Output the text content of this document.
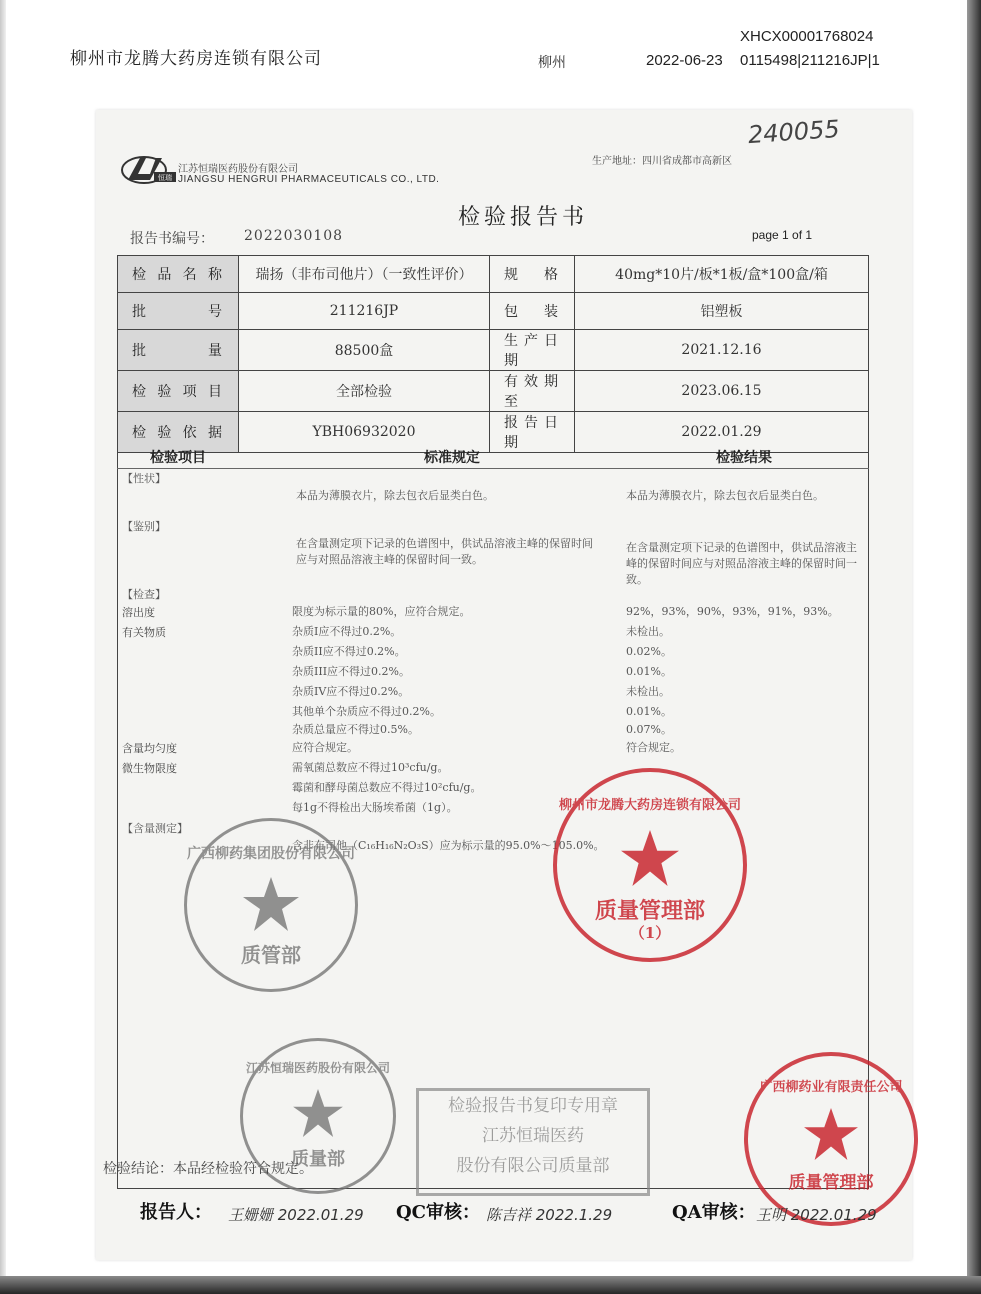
柳州市龙腾大药房连锁有限公司
XHCX00001768024
柳州	2022-06-23 0115498|211216JP|1
240055
恒瑞
江苏恒瑞医药股份有限公司
JIANGSU HENGRUI PHARMACEUTICALS CO., LTD.
生产地址：四川省成都市高新区
检验报告书
报告书编号： 2022030108	page 1 of 1
检品名称	瑞扬（非布司他片）（一致性评价）	规格	40mg*10片/板*1板/盒*100盒/箱
批号	211216JP	包装	铝塑板
批量	88500盒	生产日期	2021.12.16
检验项目	全部检验	有效期至	2023.06.15
检验依据	YBH06932020	报告日期	2022.01.29
检验项目	标准规定	检验结果
【性状】
本品为薄膜衣片，除去包衣后显类白色。	本品为薄膜衣片，除去包衣后显类白色。
【鉴别】
在含量测定项下记录的色谱图中，供试品溶液主峰的保留时间应与对照品溶液主峰的保留时间一致。
在含量测定项下记录的色谱图中，供试品溶液主峰的保留时间应与对照品溶液主峰的保留时间一致。
【检查】
溶出度	限度为标示量的80%，应符合规定。	92%，93%，90%，93%，91%，93%。
有关物质	杂质I应不得过0.2%。	未检出。
杂质II应不得过0.2%。	0.02%。
杂质III应不得过0.2%。	0.01%。
杂质IV应不得过0.2%。	未检出。
其他单个杂质应不得过0.2%。	0.01%。
杂质总量应不得过0.5%。	0.07%。
含量均匀度	应符合规定。	符合规定。
微生物限度	需氧菌总数应不得过10³cfu/g。
霉菌和酵母菌总数应不得过10²cfu/g。
每1g不得检出大肠埃希菌（1g）。
【含量测定】
含非布司他（C₁₆H₁₆N₂O₃S）应为标示量的95.0%～105.0%。
广西柳药集团股份有限公司
质管部
柳州市龙腾大药房连锁有限公司
质量管理部
（1）
江苏恒瑞医药股份有限公司
质量部
检验报告书复印专用章
江苏恒瑞医药
股份有限公司质量部
广西柳药业有限责任公司
质量管理部
检验结论：本品经检验符合规定。
报告人： 王姗姗 2022.01.29 QC审核： 陈吉祥 2022.1.29	QA审核： 王明 2022.01.29
